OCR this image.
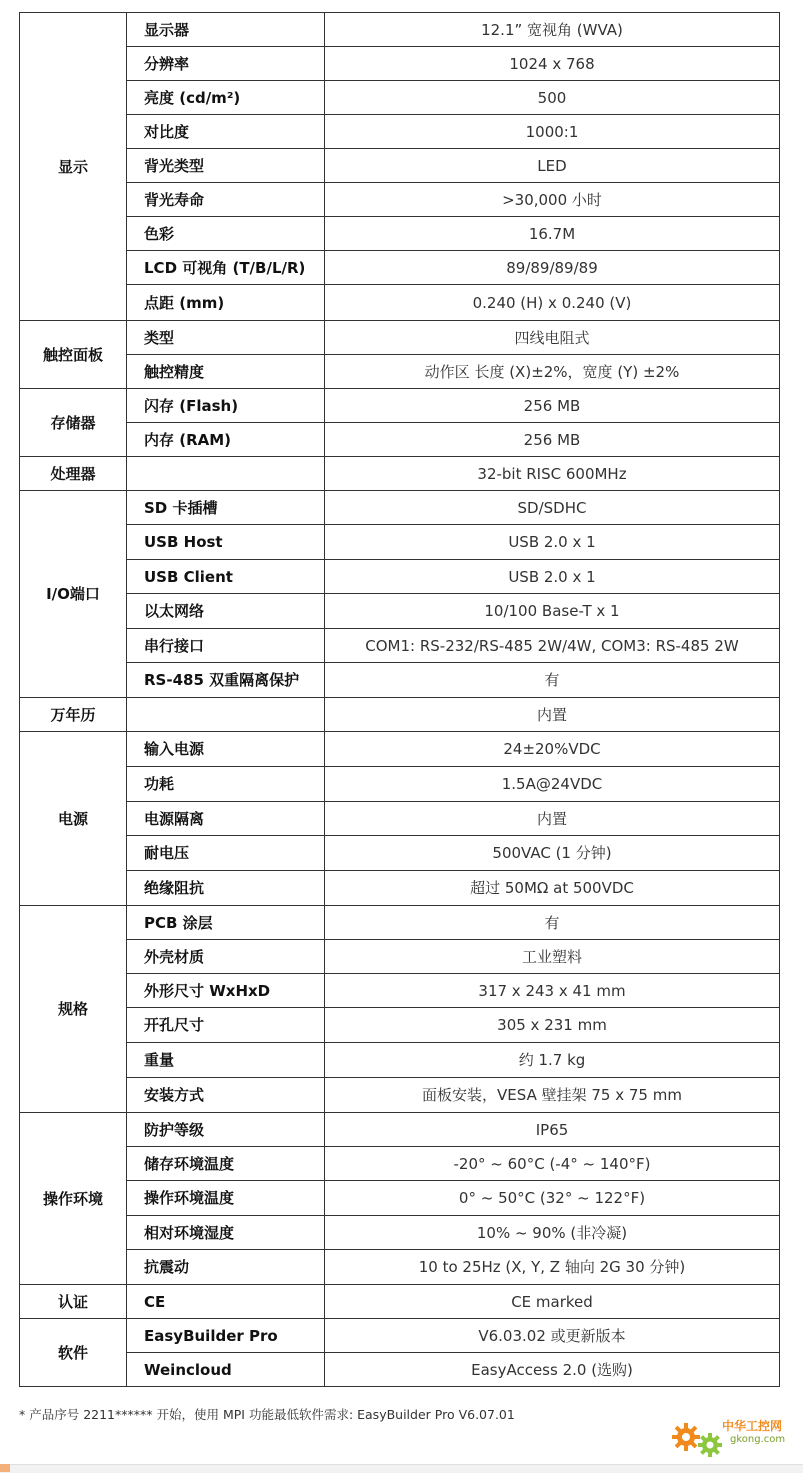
显示	显示器	12.1” 宽视角 (WVA)
	分辨率	1024 x 768
	亮度 (cd/m²)	500
	对比度	1000:1
	背光类型	LED
	背光寿命	>30,000 小时
	色彩	16.7M
	LCD 可视角 (T/B/L/R)	89/89/89/89
	点距 (mm)	0.240 (H) x 0.240 (V)
触控面板	类型	四线电阻式
	触控精度	动作区 长度 (X)±2%，宽度 (Y) ±2%
存储器	闪存 (Flash)	256 MB
	内存 (RAM)	256 MB
处理器		32-bit RISC 600MHz
I/O端口	SD 卡插槽	SD/SDHC
	USB Host	USB 2.0 x 1
	USB Client	USB 2.0 x 1
	以太网络	10/100 Base-T x 1
	串行接口	COM1: RS-232/RS-485 2W/4W, COM3: RS-485 2W
	RS-485 双重隔离保护	有
万年历		内置
电源	输入电源	24±20%VDC
	功耗	1.5A@24VDC
	电源隔离	内置
	耐电压	500VAC (1 分钟)
	绝缘阻抗	超过 50MΩ at 500VDC
规格	PCB 涂层	有
	外壳材质	工业塑料
	外形尺寸 WxHxD	317 x 243 x 41 mm
	开孔尺寸	305 x 231 mm
	重量	约 1.7 kg
	安装方式	面板安装，VESA 壁挂架 75 x 75 mm
操作环境	防护等级	IP65
	储存环境温度	-20° ~ 60°C (-4° ~ 140°F)
	操作环境温度	0° ~ 50°C (32° ~ 122°F)
	相对环境湿度	10% ~ 90% (非冷凝)
	抗震动	10 to 25Hz (X, Y, Z 轴向 2G 30 分钟)
认证	CE	CE marked
软件	EasyBuilder Pro	V6.03.02 或更新版本
	Weincloud	EasyAccess 2.0 (选购)
* 产品序号 2211****** 开始，使用 MPI 功能最低软件需求: EasyBuilder Pro V6.07.01
中华工控网
gkong.com
